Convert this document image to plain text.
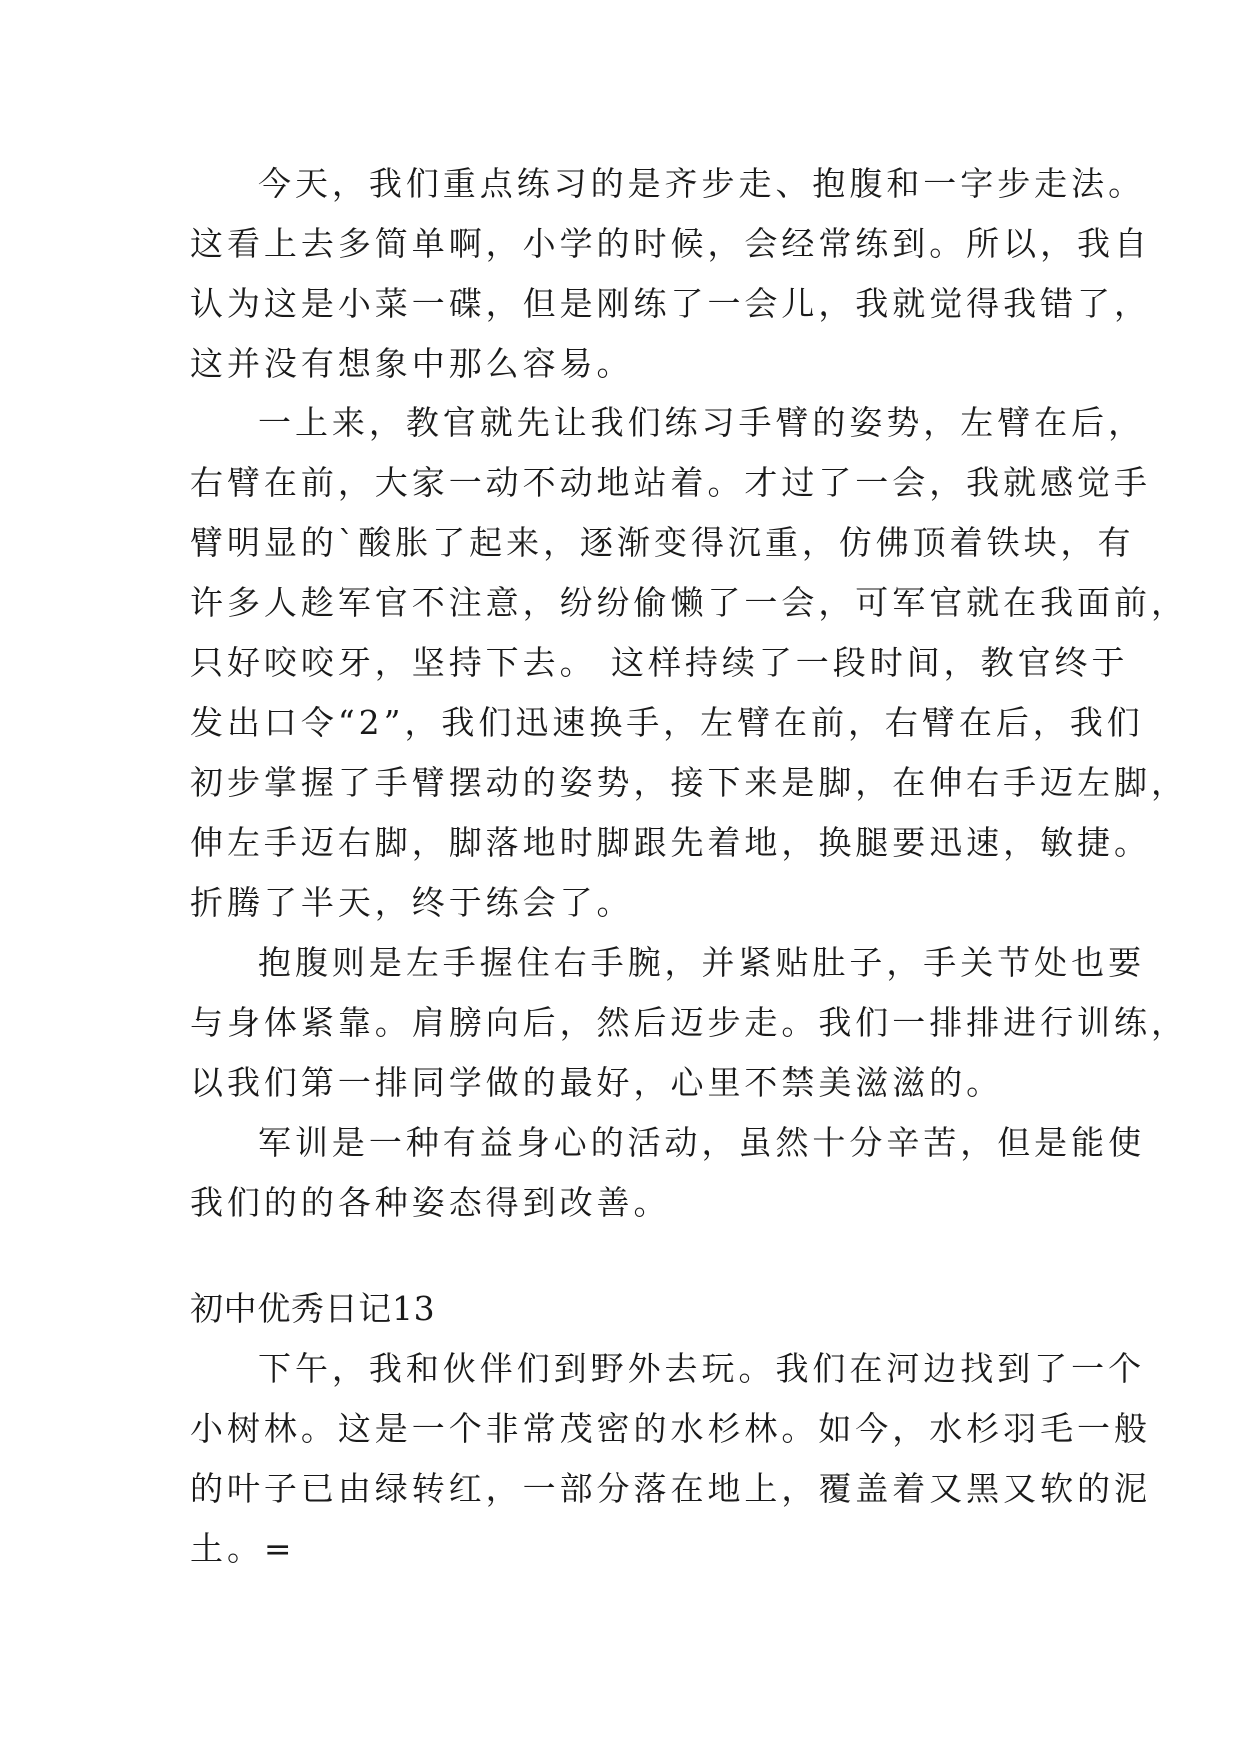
今天，我们重点练习的是齐步走、抱腹和一字步走法。
这看上去多简单啊，小学的时候，会经常练到。所以，我自
认为这是小菜一碟，但是刚练了一会儿，我就觉得我错了，
这并没有想象中那么容易。
一上来，教官就先让我们练习手臂的姿势，左臂在后，
右臂在前，大家一动不动地站着。才过了一会，我就感觉手
臂明显的`酸胀了起来，逐渐变得沉重，仿佛顶着铁块，有
许多人趁军官不注意，纷纷偷懒了一会，可军官就在我面前，
只好咬咬牙，坚持下去。 这样持续了一段时间，教官终于
发出口令“2”，我们迅速换手，左臂在前，右臂在后，我们
初步掌握了手臂摆动的姿势，接下来是脚，在伸右手迈左脚，
伸左手迈右脚，脚落地时脚跟先着地，换腿要迅速，敏捷。
折腾了半天，终于练会了。
抱腹则是左手握住右手腕，并紧贴肚子，手关节处也要
与身体紧靠。肩膀向后，然后迈步走。我们一排排进行训练，
以我们第一排同学做的最好，心里不禁美滋滋的。
军训是一种有益身心的活动，虽然十分辛苦，但是能使
我们的的各种姿态得到改善。
初中优秀日记13
下午，我和伙伴们到野外去玩。我们在河边找到了一个
小树林。这是一个非常茂密的水杉林。如今，水杉羽毛一般
的叶子已由绿转红，一部分落在地上，覆盖着又黑又软的泥
土。=
